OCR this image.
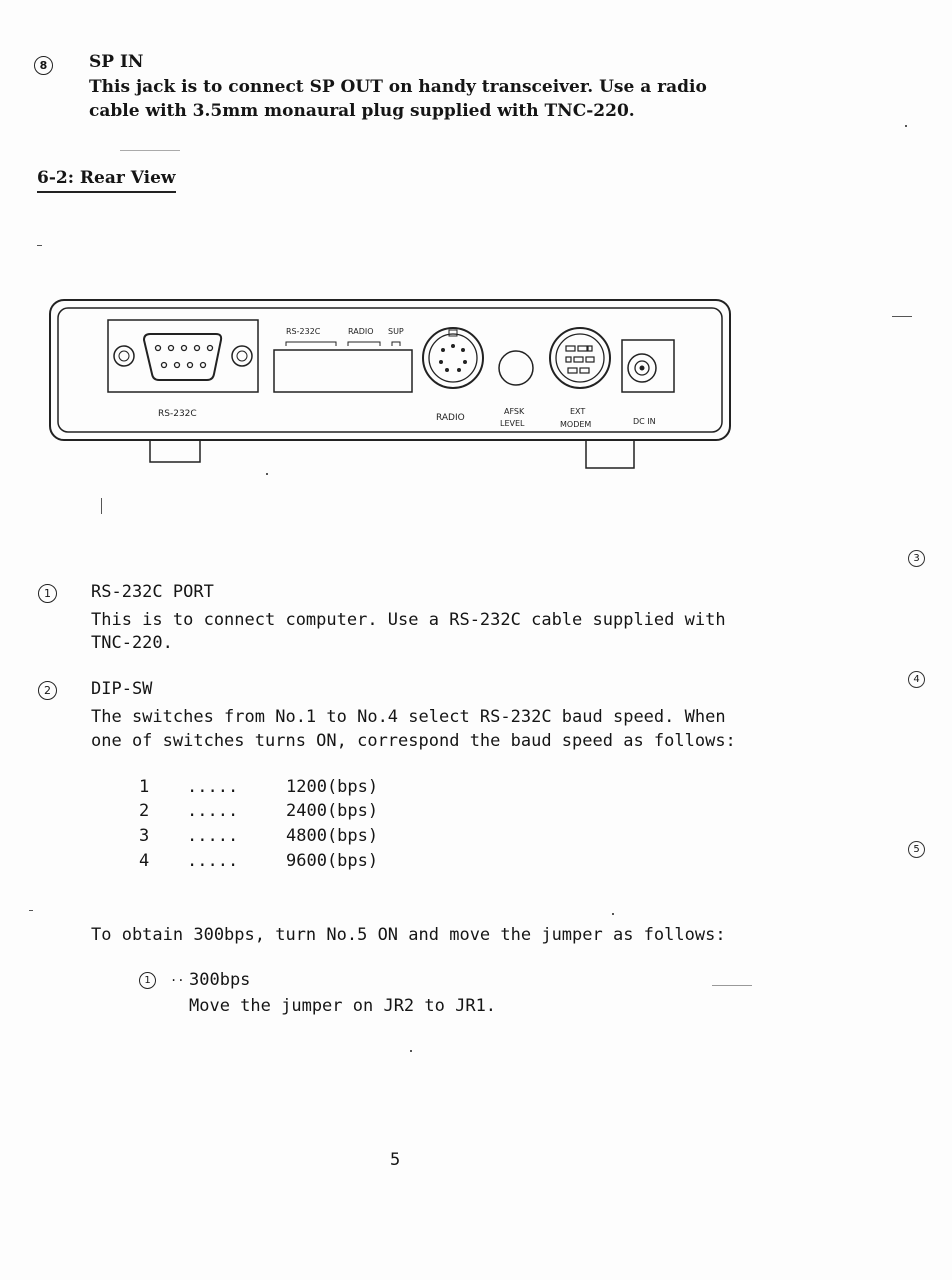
8	SP IN
This jack is to connect SP OUT on handy transceiver. Use a radio
cable with 3.5mm monaural plug supplied with TNC-220.
6-2: Rear View
RS-232C
RS-232C	RADIO SUP
RADIO
AFSK
LEVEL
EXT
MODEM	DC IN
3
4
5
1	RS-232C PORT
This is to connect computer. Use a RS-232C cable supplied with
TNC-220.
2	DIP-SW
The switches from No.1 to No.4 select RS-232C baud speed. When
one of switches turns ON, correspond the baud speed as follows:
1 .....	1200(bps)
2 .....	2400(bps)
3 .....	4800(bps)
4 .....	9600(bps)
To obtain 300bps, turn No.5 ON and move the jumper as follows:
1	.. 300bps
Move the jumper on JR2 to JR1.
5
